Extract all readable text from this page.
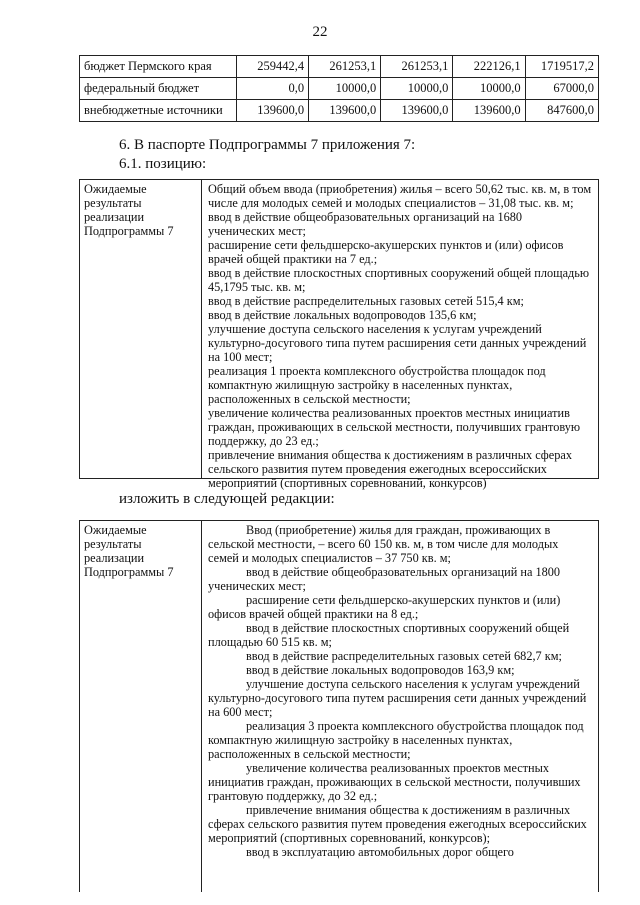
22
бюджет Пермского края	259442,4	261253,1	261253,1	222126,1	1719517,2
федеральный бюджет	0,0	10000,0	10000,0	10000,0	67000,0
внебюджетные источники	139600,0	139600,0	139600,0	139600,0	847600,0
6. В паспорте Подпрограммы 7 приложения 7:
6.1. позицию:
Ожидаемые результаты реализации Подпрограммы 7

Общий объем ввода (приобретения) жилья – всего 50,62 тыс. кв. м, в том числе для молодых семей и молодых специалистов – 31,08 тыс. кв. м;

ввод в действие общеобразовательных организаций на 1680 ученических мест;

расширение сети фельдшерско-акушерских пунктов и (или) офисов врачей общей практики на 7 ед.;

ввод в действие плоскостных спортивных сооружений общей площадью 45,1795 тыс. кв. м;

ввод в действие распределительных газовых сетей 515,4 км;

ввод в действие локальных водопроводов 135,6 км;

улучшение доступа сельского населения к услугам учреждений культурно-досугового типа путем расширения сети данных учреждений на 100 мест;

реализация 1 проекта комплексного обустройства площадок под компактную жилищную застройку в населенных пунктах, расположенных в сельской местности;

увеличение количества реализованных проектов местных инициатив граждан, проживающих в сельской местности, получивших грантовую поддержку, до 23 ед.;

привлечение внимания общества к достижениям в различных сферах сельского развития путем проведения ежегодных всероссийских мероприятий (спортивных соревнований, конкурсов)

изложить в следующей редакции:
Ожидаемые результаты реализации Подпрограммы 7

Ввод (приобретение) жилья для граждан, проживающих в сельской местности, – всего 60 150 кв. м, в том числе для молодых семей и молодых специалистов – 37 750 кв. м;

ввод в действие общеобразовательных организаций на 1800 ученических мест;

расширение сети фельдшерско-акушерских пунктов и (или) офисов врачей общей практики на 8 ед.;

ввод в действие плоскостных спортивных сооружений общей площадью 60 515 кв. м;

ввод в действие распределительных газовых сетей 682,7 км;

ввод в действие локальных водопроводов 163,9 км;

улучшение доступа сельского населения к услугам учреждений культурно-досугового типа путем расширения сети данных учреждений на 600 мест;

реализация 3 проекта комплексного обустройства площадок под компактную жилищную застройку в населенных пунктах, расположенных в сельской местности;

увеличение количества реализованных проектов местных инициатив граждан, проживающих в сельской местности, получивших грантовую поддержку, до 32 ед.;

привлечение внимания общества к достижениям в различных сферах сельского развития путем проведения ежегодных всероссийских мероприятий (спортивных соревнований, конкурсов);

ввод в эксплуатацию автомобильных дорог общего
